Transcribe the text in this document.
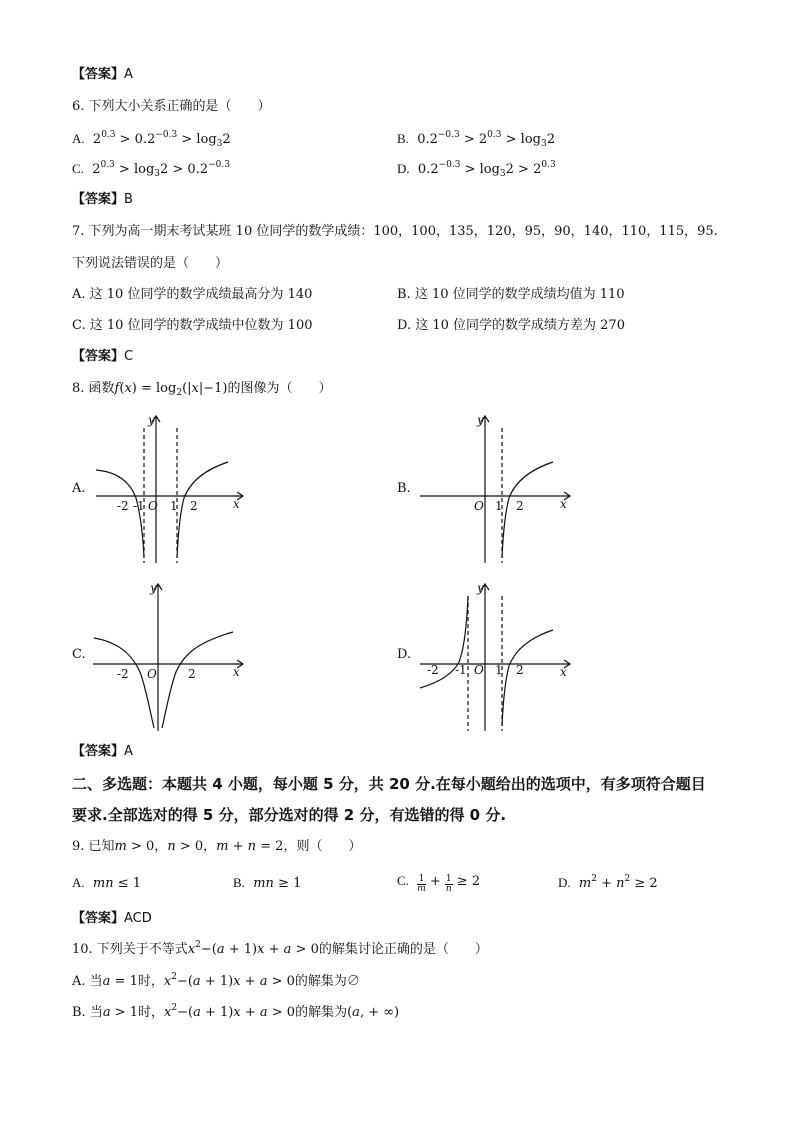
【答案】A
6. 下列大小关系正确的是（　　）
A.  $2^{0.3} > 0.2^{-0.3} > \log_32$	B.  $0.2^{-0.3} > 2^{0.3} > \log_32$
C.  $2^{0.3} > \log_32 > 0.2^{-0.3}$	D.  $0.2^{-0.3} > \log_32 > 2^{0.3}$
【答案】B
7. 下列为高一期末考试某班 10 位同学的数学成绩：100，100，135，120，95，90，140，110，115，95.
下列说法错误的是（　　）
A. 这 10 位同学的数学成绩最高分为 140	B. 这 10 位同学的数学成绩均值为 110
C. 这 10 位同学的数学成绩中位数为 100	D. 这 10 位同学的数学成绩方差为 270
【答案】C
8. 函数$f(x) = \log_2(|x|-1)$的图像为（　　）
A.	B.
C.	D.
y
x
-2 -1 O 1 2
y
x
O 1 2
y
x
-2 O	2
y
x
-2 -1 O 1 2
【答案】A
二、多选题：本题共 4 小题，每小题 5 分，共 20 分.在每小题给出的选项中，有多项符合题目
要求.全部选对的得 5 分，部分选对的得 2 分，有选错的得 0 分.
9. 已知m > 0，n > 0，m + n = 2，则（　　）
A. mn ≤ 1	B. mn ≥ 1	C. $\frac{1}{m} + \frac{1}{n} \ge 2$	D. $m^2 + n^2 \ge 2$
【答案】ACD
10. 下列关于不等式$x^2-(a + 1)x + a > 0$的解集讨论正确的是（　　）
A. 当a = 1时，$x^2-(a + 1)x + a > 0$的解集为∅
B. 当a > 1时，$x^2-(a + 1)x + a > 0$的解集为(a, + ∞)
